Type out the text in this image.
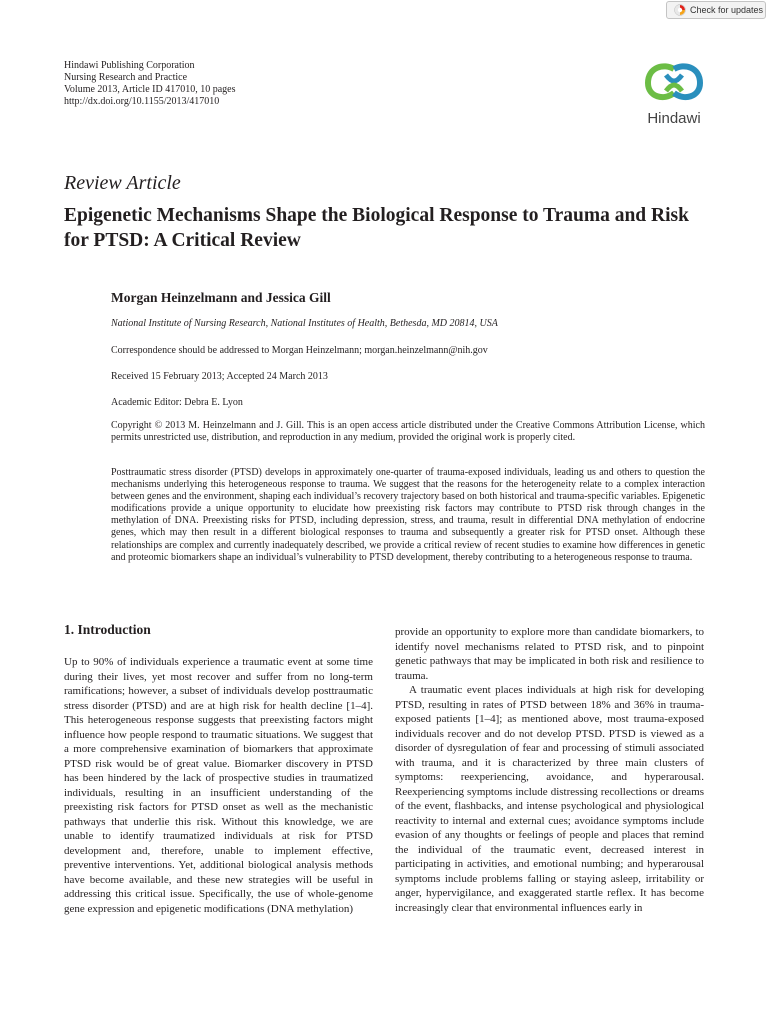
Check for updates
Hindawi Publishing Corporation
Nursing Research and Practice
Volume 2013, Article ID 417010, 10 pages
http://dx.doi.org/10.1155/2013/417010
Hindawi
Review Article
Epigenetic Mechanisms Shape the Biological Response to Trauma and Risk for PTSD: A Critical Review
Morgan Heinzelmann and Jessica Gill
National Institute of Nursing Research, National Institutes of Health, Bethesda, MD 20814, USA
Correspondence should be addressed to Morgan Heinzelmann; morgan.heinzelmann@nih.gov
Received 15 February 2013; Accepted 24 March 2013
Academic Editor: Debra E. Lyon

Copyright © 2013 M. Heinzelmann and J. Gill. This is an open access article distributed under the Creative Commons Attribution License, which permits unrestricted use, distribution, and reproduction in any medium, provided the original work is properly cited.

Posttraumatic stress disorder (PTSD) develops in approximately one-quarter of trauma-exposed individuals, leading us and others to question the mechanisms underlying this heterogeneous response to trauma. We suggest that the reasons for the heterogeneity relate to a complex interaction between genes and the environment, shaping each individual’s recovery trajectory based on both historical and trauma-specific variables. Epigenetic modifications provide a unique opportunity to elucidate how preexisting risk factors may contribute to PTSD risk through changes in the methylation of DNA. Preexisting risks for PTSD, including depression, stress, and trauma, result in differential DNA methylation of endocrine genes, which may then result in a different biological responses to trauma and subsequently a greater risk for PTSD onset. Although these relationships are complex and currently inadequately described, we provide a critical review of recent studies to examine how differences in genetic and proteomic biomarkers shape an individual’s vulnerability to PTSD development, thereby contributing to a heterogeneous response to trauma.

1. Introduction

Up to 90% of individuals experience a traumatic event at some time during their lives, yet most recover and suffer from no long-term ramifications; however, a subset of individuals develop posttraumatic stress disorder (PTSD) and are at high risk for health decline [1–4]. This heterogeneous response suggests that preexisting factors might influence how people respond to traumatic situations. We suggest that a more comprehensive examination of biomarkers that approximate PTSD risk would be of great value. Biomarker discovery in PTSD has been hindered by the lack of prospective studies in traumatized individuals, resulting in an insufficient understanding of the preexisting risk factors for PTSD onset as well as the mechanistic pathways that underlie this risk. Without this knowledge, we are unable to identify traumatized individuals at risk for PTSD development and, therefore, unable to implement effective, preventive interventions. Yet, additional biological analysis methods have become available, and these new strategies will be useful in addressing this critical issue. Specifically, the use of whole-genome gene expression and epigenetic modifications (DNA methylation)

provide an opportunity to explore more than candidate biomarkers, to identify novel mechanisms related to PTSD risk, and to pinpoint genetic pathways that may be implicated in both risk and resilience to trauma.

A traumatic event places individuals at high risk for developing PTSD, resulting in rates of PTSD between 18% and 36% in trauma-exposed patients [1–4]; as mentioned above, most trauma-exposed individuals recover and do not develop PTSD. PTSD is viewed as a disorder of dysregulation of fear and processing of stimuli associated with trauma, and it is characterized by three main clusters of symptoms: reexperiencing, avoidance, and hyperarousal. Reexperiencing symptoms include distressing recollections or dreams of the event, flashbacks, and intense psychological and physiological reactivity to internal and external cues; avoidance symptoms include evasion of any thoughts or feelings of people and places that remind the individual of the traumatic event, decreased interest in participating in activities, and emotional numbing; and hyperarousal symptoms include problems falling or staying asleep, irritability or anger, hypervigilance, and exaggerated startle reflex. It has become increasingly clear that environmental influences early in
